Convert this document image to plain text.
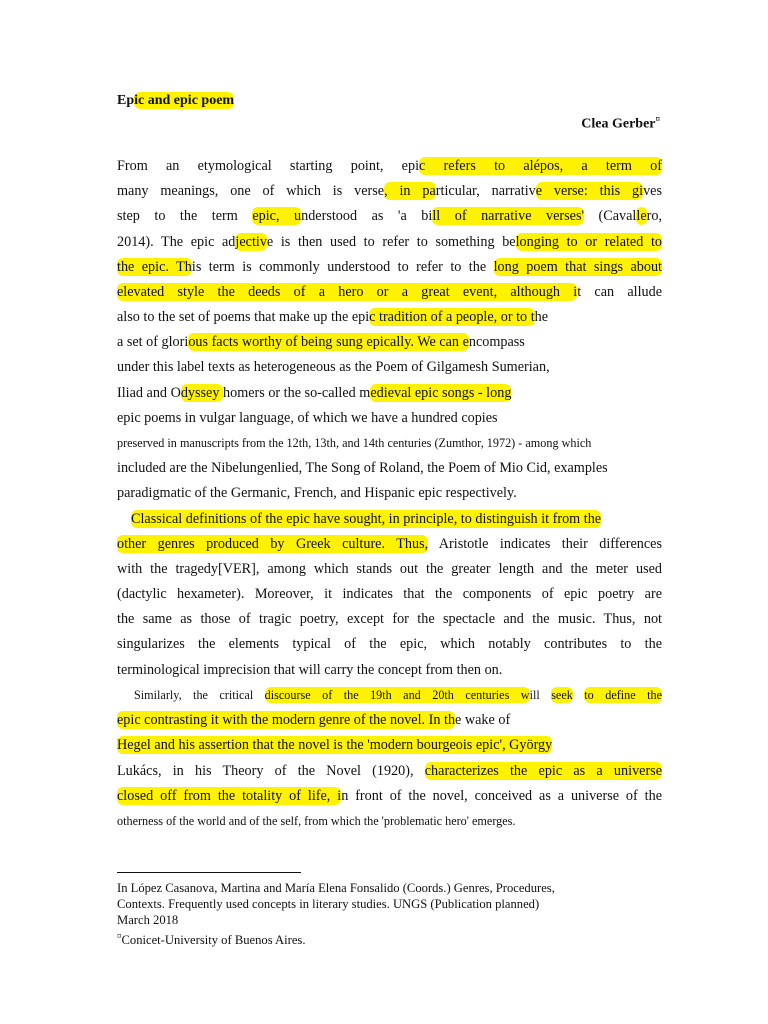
Epic and epic poem
Clea Gerber¤
From an etymological starting point, epic refers to alépos, a term of
many meanings, one of which is verse, in particular, narrative verse: this gives
step to the term epic, understood as 'a bill of narrative verses' (Cavallero,
2014). The epic adjective is then used to refer to something belonging to or related to
the epic. This term is commonly understood to refer to the long poem that sings about
elevated style the deeds of a hero or a great event, although it can allude
also to the set of poems that make up the epic tradition of a people, or to the
a set of glorious facts worthy of being sung epically. We can encompass
under this label texts as heterogeneous as the Poem of Gilgamesh Sumerian,
Iliad and Odyssey homers or the so-called medieval epic songs - long
epic poems in vulgar language, of which we have a hundred copies
preserved in manuscripts from the 12th, 13th, and 14th centuries (Zumthor, 1972) - among which
included are the Nibelungenlied, The Song of Roland, the Poem of Mio Cid, examples
paradigmatic of the Germanic, French, and Hispanic epic respectively.
Classical definitions of the epic have sought, in principle, to distinguish it from the
other genres produced by Greek culture. Thus, Aristotle indicates their differences
with the tragedy[VER], among which stands out the greater length and the meter used
(dactylic hexameter). Moreover, it indicates that the components of epic poetry are
the same as those of tragic poetry, except for the spectacle and the music. Thus, not
singularizes the elements typical of the epic, which notably contributes to the
terminological imprecision that will carry the concept from then on.
Similarly, the critical discourse of the 19th and 20th centuries will seek to define the
epic contrasting it with the modern genre of the novel. In the wake of
Hegel and his assertion that the novel is the 'modern bourgeois epic', György
Lukács, in his Theory of the Novel (1920), characterizes the epic as a universe
closed off from the totality of life, in front of the novel, conceived as a universe of the
otherness of the world and of the self, from which the 'problematic hero' emerges.
In López Casanova, Martina and María Elena Fonsalido (Coords.) Genres, Procedures,
Contexts. Frequently used concepts in literary studies. UNGS (Publication planned)
March 2018
¤Conicet-University of Buenos Aires.
